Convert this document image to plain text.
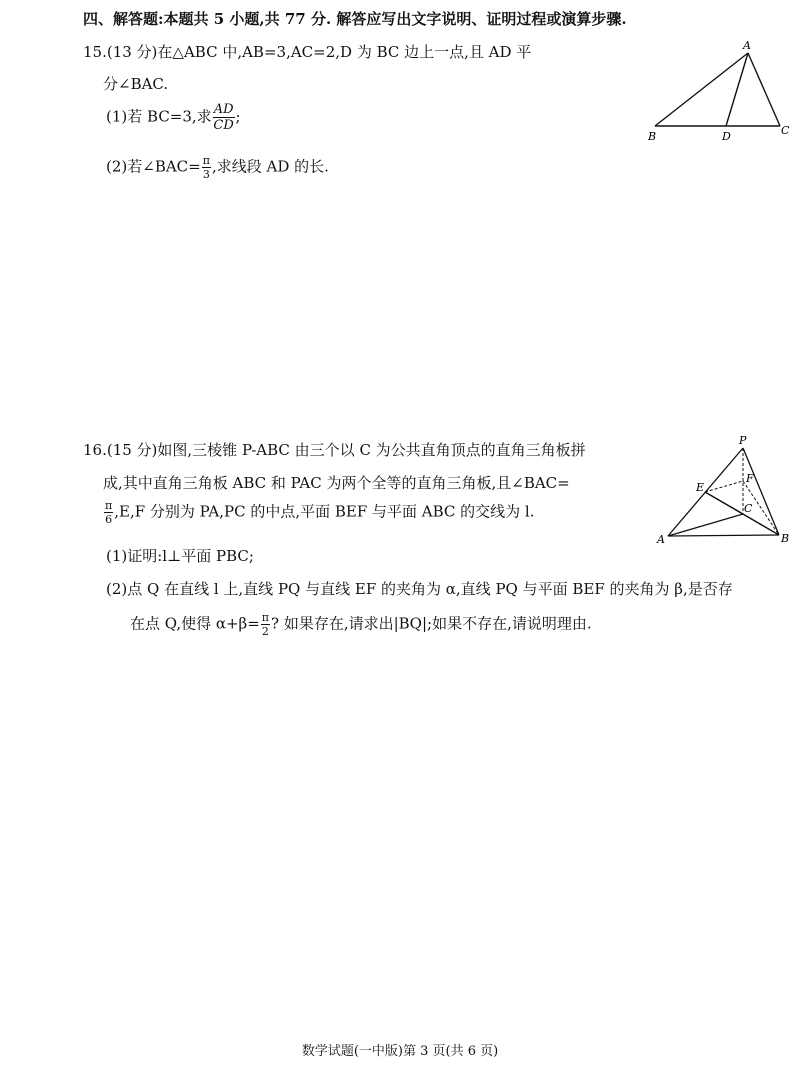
四、解答题:本题共 5 小题,共 77 分. 解答应写出文字说明、证明过程或演算步骤.
15.(13 分)在△ABC 中,AB=3,AC=2,D 为 BC 边上一点,且 AD 平
分∠BAC.
(1)若 BC=3,求 $\frac{AD}{CD}$ ;
(2)若∠BAC= $\frac{\pi}{3}$ ,求线段 AD 的长.
A
B	D	C
16.(15 分)如图,三棱锥 P-ABC 由三个以 C 为公共直角顶点的直角三角板拼
成,其中直角三角板 ABC 和 PAC 为两个全等的直角三角板,且∠BAC=
$\frac{\pi}{6} ,E,F$ 分别为 PA,PC 的中点,平面 BEF 与平面 ABC 的交线为 l.
(1)证明:l⊥平面 PBC;
(2)点 Q 在直线 l 上,直线 PQ 与直线 EF 的夹角为 α,直线 PQ 与平面 BEF 的夹角为 β,是否存
在点 Q,使得 $\alpha+\beta= \frac{\pi}{2}$ ? 如果存在,请求出|BQ|;如果不存在,请说明理由.
P
E
F
C
A	B
数学试题(一中版)第 3 页(共 6 页)
